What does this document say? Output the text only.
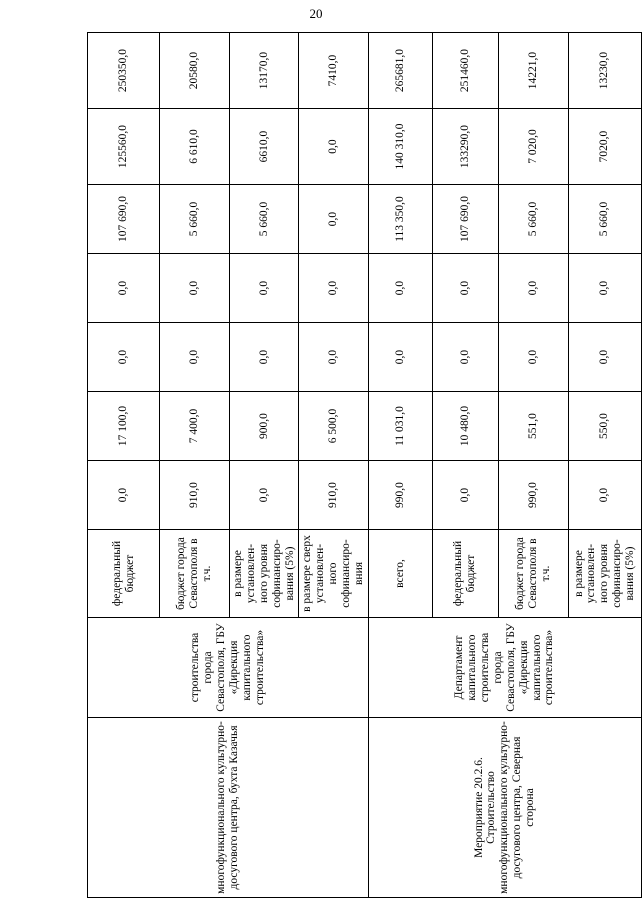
20
многофункционального культурно-досугового центра, бухта Казачья	строительства города Севастополя, ГБУ «Дирекция капитального строительства»	федеральный бюджет	0,0	17 100,0	0,0	0,0	107 690,0	125560,0	250350,0
		бюджет города Севастополя в т.ч.	910,0	7 400,0	0,0	0,0	5 660,0	6 610,0	20580,0
		в размере установлен-ного уровня софинансиро-вания (5%)	0,0	900,0	0,0	0,0	5 660,0	6610,0	13170,0
		в размере сверх установлен-ного софинансиро-вния	910,0	6 500,0	0,0	0,0	0,0	0,0	7410,0
Мероприятие 20.2.6. Строительство многофункционального культурно-досугового центра, Северная сторона	Департамент капитального строительства города Севастополя, ГБУ «Дирекция капитального строительства»	всего,	990,0	11 031,0	0,0	0,0	113 350,0	140 310,0	265681,0
		федеральный бюджет	0,0	10 480,0	0,0	0,0	107 690,0	133290,0	251460,0
		бюджет города Севастополя в т.ч.	990,0	551,0	0,0	0,0	5 660,0	7 020,0	14221,0
		в размере установлен-ного уровня софинансиро-вания (5%)	0,0	550,0	0,0	0,0	5 660,0	7020,0	13230,0
